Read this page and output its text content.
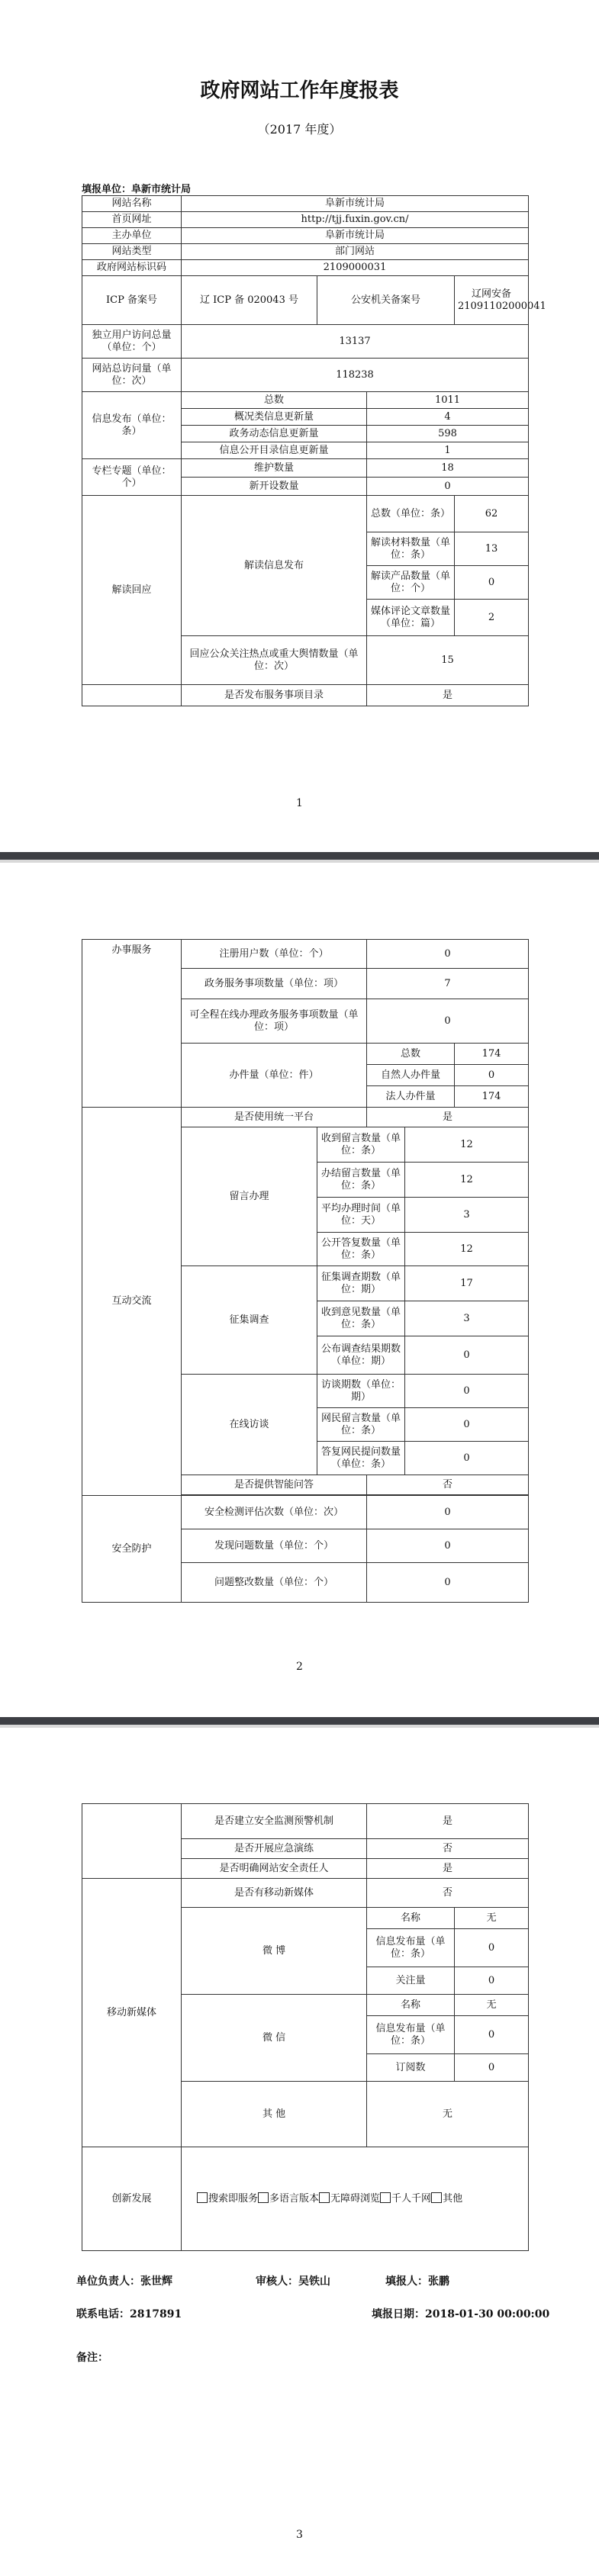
政府网站工作年度报表
（2017 年度）
填报单位：阜新市统计局
网站名称	阜新市统计局			
首页网址	http://tjj.fuxin.gov.cn/			
主办单位	阜新市统计局			
网站类型	部门网站			
政府网站标识码	2109000031			
ICP 备案号	辽 ICP 备 020043 号	公安机关备案号		辽网安备 21091102000041
独立用户访问总量（单位：个）	13137			
网站总访问量（单位：次）	118238			
信息发布（单位：条）	总数		1011	
	概况类信息更新量		4	
	政务动态信息更新量		598	
	信息公开目录信息更新量		1	
专栏专题（单位：个）	维护数量		18	
	新开设数量		0	
解读回应	解读信息发布		总数（单位：条）	62
			解读材料数量（单位：条）	13
			解读产品数量（单位：个）	0
			媒体评论文章数量（单位：篇）	2
	回应公众关注热点或重大舆情数量（单位：次）		15	
	是否发布服务事项目录		是	
1
办事服务	注册用户数（单位：个）		0		
	政务服务事项数量（单位：项）		7		
	可全程在线办理政务服务事项数量（单位：项）		0		
	办件量（单位：件）		总数		174
			自然人办件量		0
			法人办件量		174
互动交流	是否使用统一平台		是		
	留言办理	收到留言数量（单位：条）		12	
		办结留言数量（单位：条）		12	
		平均办理时间（单位：天）		3	
		公开答复数量（单位：条）		12	
	征集调查	征集调查期数（单位：期）		17	
		收到意见数量（单位：条）		3	
		公布调查结果期数（单位：期）		0	
	在线访谈	访谈期数（单位：期）		0	
		网民留言数量（单位：条）		0	
		答复网民提问数量（单位：条）		0	
	是否提供智能问答		否		

安全防护	安全检测评估次数（单位：次）		0		
	发现问题数量（单位：个）		0		
	问题整改数量（单位：个）		0		
2
	是否建立安全监测预警机制	是	
	是否开展应急演练	否	
	是否明确网站安全责任人	是	
移动新媒体	是否有移动新媒体	否	
	微 博	名称	无
		信息发布量（单位：条）	0
		关注量	0
	微 信	名称	无
		信息发布量（单位：条）	0
		订阅数	0
	其 他	无	
创新发展	搜索即服务 多语言版本 无障碍浏览 千人千网 其他		
单位负责人：张世辉	审核人：吴铁山	填报人：张鹏
联系电话：2817891	填报日期：2018-01-30 00:00:00
备注：
3
